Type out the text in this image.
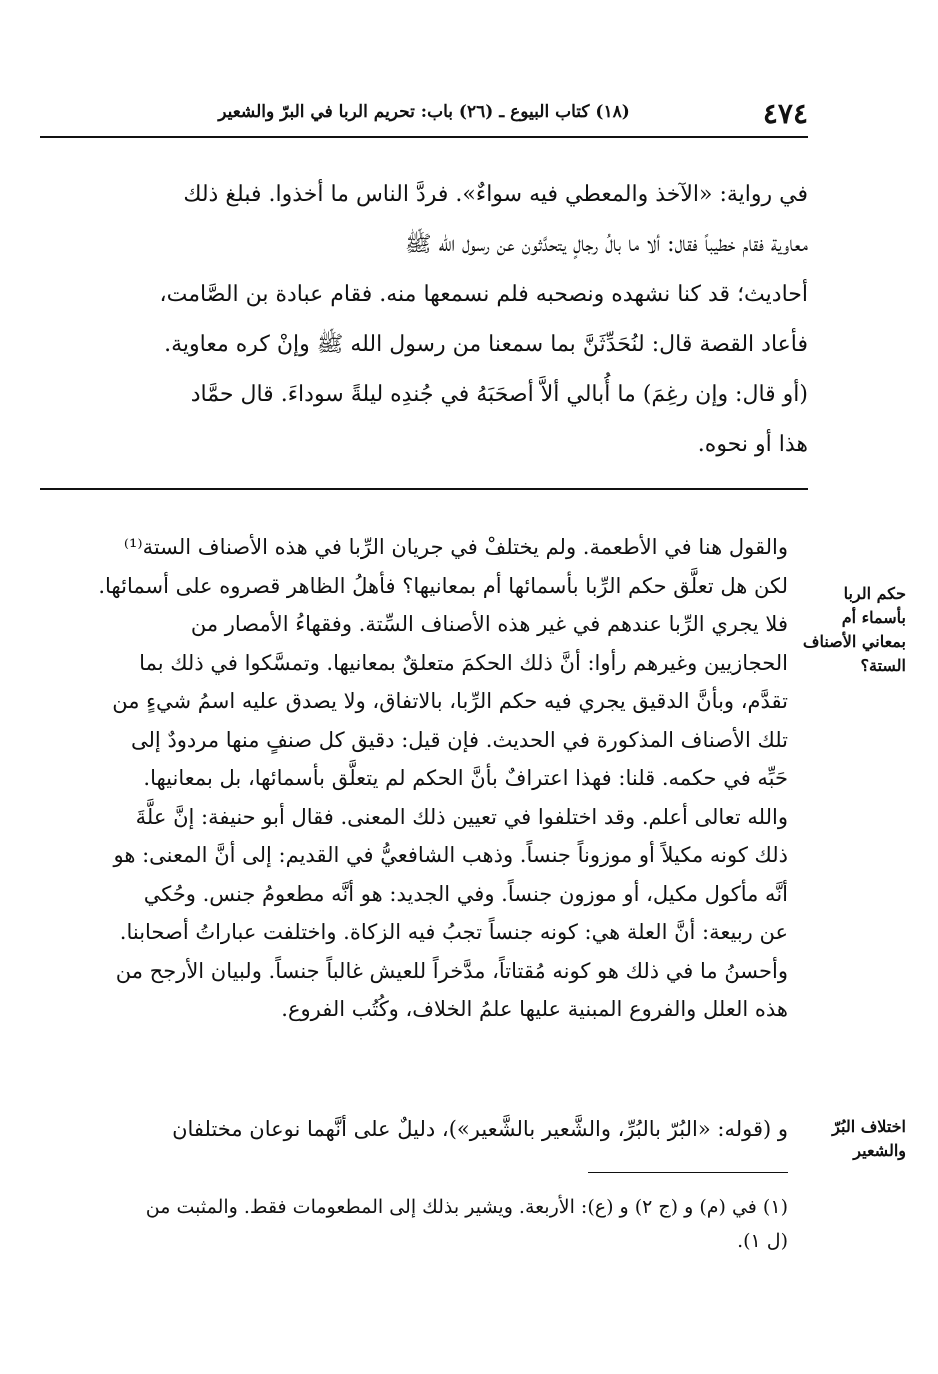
٤٧٤
(١٨) كتاب البيوع ـ (٢٦) باب: تحريم الربا في البرّ والشعير

في رواية: «الآخذ والمعطي فيه سواءٌ». فردَّ الناس ما أخذوا. فبلغ ذلك

معاوية فقام خطيباً فقال: ألا ما بالُ رجالٍ يتحدَّثون عن رسول الله ﷺ

أحاديث؛ قد كنا نشهده ونصحبه فلم نسمعها منه. فقام عبادة بن الصَّامت،

فأعاد القصة قال: لنُحَدِّثَنَّ بما سمعنا من رسول الله ﷺ وإنْ كره معاوية.

(أو قال: وإن رغِمَ) ما أُبالي ألاَّ أصحَبَهُ في جُندِه ليلةً سوداءَ. قال حمَّاد

هذا أو نحوه.

والقول هنا في الأطعمة. ولم يختلفْ في جريان الرِّبا في هذه الأصناف الستة⁽¹⁾

لكن هل تعلَّق حكم الرِّبا بأسمائها أم بمعانيها؟ فأهلُ الظاهر قصروه على أسمائها.

فلا يجري الرِّبا عندهم في غير هذه الأصناف السِّتة. وفقهاءُ الأمصار من

الحجازيين وغيرهم رأوا: أنَّ ذلك الحكمَ متعلقٌ بمعانيها. وتمسَّكوا في ذلك بما

تقدَّم، وبأنَّ الدقيق يجري فيه حكم الرِّبا، بالاتفاق، ولا يصدق عليه اسمُ شيءٍ من

تلك الأصناف المذكورة في الحديث. فإن قيل: دقيق كل صنفٍ منها مردودٌ إلى

حَبِّه في حكمه. قلنا: فهذا اعترافٌ بأنَّ الحكم لم يتعلَّق بأسمائها، بل بمعانيها.

والله تعالى أعلم. وقد اختلفوا في تعيين ذلك المعنى. فقال أبو حنيفة: إنَّ علَّةَ

ذلك كونه مكيلاً أو موزوناً جنساً. وذهب الشافعيُّ في القديم: إلى أنَّ المعنى: هو

أنَّه مأكول مكيل، أو موزون جنساً. وفي الجديد: هو أنَّه مطعومُ جنس. وحُكي

عن ربيعة: أنَّ العلة هي: كونه جنساً تجبُ فيه الزكاة. واختلفت عباراتُ أصحابنا.

وأحسنُ ما في ذلك هو كونه مُقتاتاً، مدَّخراً للعيش غالباً جنساً. ولبيان الأرجح من

هذه العلل والفروع المبنية عليها علمُ الخلاف، وكُتُب الفروع.

حكم الربا

بأسماء أم

بمعاني الأصناف

الستة؟

و (قوله: «البُرّ بالبُرِّ، والشَّعير بالشَّعير»)، دليلٌ على أنَّهما نوعان مختلفان	اختلاف البُرّ

والشعير

(١) في (م) و (ج ٢) و (ع): الأربعة. ويشير بذلك إلى المطعومات فقط. والمثبت من

(ل ١).
